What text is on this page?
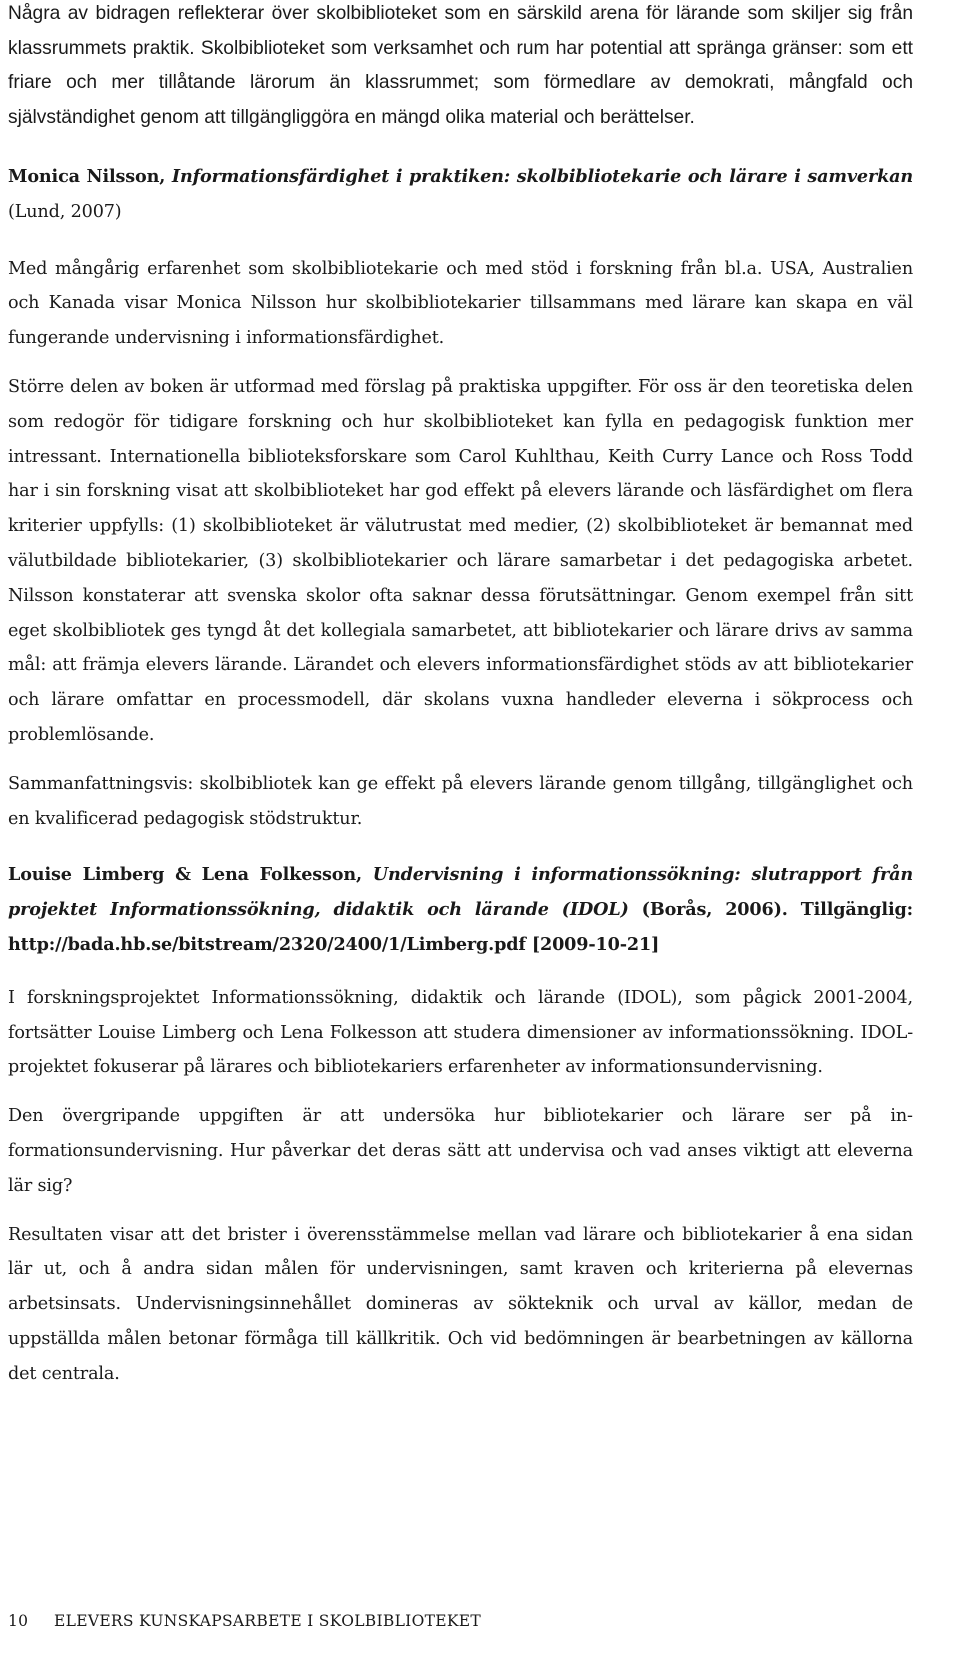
Några av bidragen reflekterar över skolbiblioteket som en särskild arena för lärande som skiljer sig från klassrummets praktik. Skolbiblioteket som verksamhet och rum har potential att spränga gränser: som ett friare och mer tillåtande lärorum än klassrummet; som förmedlare av demokrati, mångfald och självständighet genom att tillgängliggöra en mängd olika material och berättelser.

Monica Nilsson, Informationsfärdighet i praktiken: skolbibliotekarie och lärare i samverkan (Lund, 2007)

Med mångårig erfarenhet som skolbibliotekarie och med stöd i forskning från bl.a. USA, Australien och Kanada visar Monica Nilsson hur skolbibliotekarier tillsammans med lärare kan skapa en väl fungerande undervisning i informationsfärdighet.

Större delen av boken är utformad med förslag på praktiska uppgifter. För oss är den teoretiska delen som redogör för tidigare forskning och hur skolbiblioteket kan fylla en pedagogisk funktion mer intressant. Internationella biblioteksforskare som Carol Kuhlthau, Keith Curry Lance och Ross Todd har i sin forskning visat att skolbiblioteket har god effekt på elevers lärande och läsfärdighet om flera kriterier uppfylls: (1) skolbiblioteket är välutrustat med medier, (2) skolbiblioteket är bemannat med välutbildade bibliotekarier, (3) skolbibliotekarier och lärare samarbetar i det pedagogiska arbetet. Nilsson konstaterar att svenska skolor ofta saknar dessa förutsättningar. Genom exempel från sitt eget skolbibliotek ges tyngd åt det kollegiala samarbetet, att bibliotekarier och lärare drivs av samma mål: att främja elevers lärande. Lärandet och elevers informationsfärdighet stöds av att bibliotekarier och lärare omfattar en processmodell, där skolans vuxna handleder eleverna i sökprocess och problemlösande.

Sammanfattningsvis: skolbibliotek kan ge effekt på elevers lärande genom tillgång, tillgänglighet och en kvalificerad pedagogisk stödstruktur.

Louise Limberg & Lena Folkesson, Undervisning i informationssökning: slutrapport från projektet Informationssökning, didaktik och lärande (IDOL) (Borås, 2006). Tillgänglig: http://bada.hb.se/bitstream/2320/2400/1/Limberg.pdf [2009-10-21]

I forskningsprojektet Informationssökning, didaktik och lärande (IDOL), som pågick 2001-2004, fortsätter Louise Limberg och Lena Folkesson att studera dimensioner av informationssökning. IDOL-projektet fokuserar på lärares och bibliotekariers erfarenheter av informationsundervisning.

Den övergripande uppgiften är att undersöka hur bibliotekarier och lärare ser på informationsundervisning. Hur påverkar det deras sätt att undervisa och vad anses viktigt att eleverna lär sig?

Resultaten visar att det brister i överensstämmelse mellan vad lärare och bibliotekarier å ena sidan lär ut, och å andra sidan målen för undervisningen, samt kraven och kriterierna på elevernas arbetsinsats. Undervisningsinnehållet domineras av sökteknik och urval av källor, medan de uppställda målen betonar förmåga till källkritik. Och vid bedömningen är bearbetningen av källorna det centrala.

10 ELEVERS KUNSKAPSARBETE I SKOLBIBLIOTEKET
